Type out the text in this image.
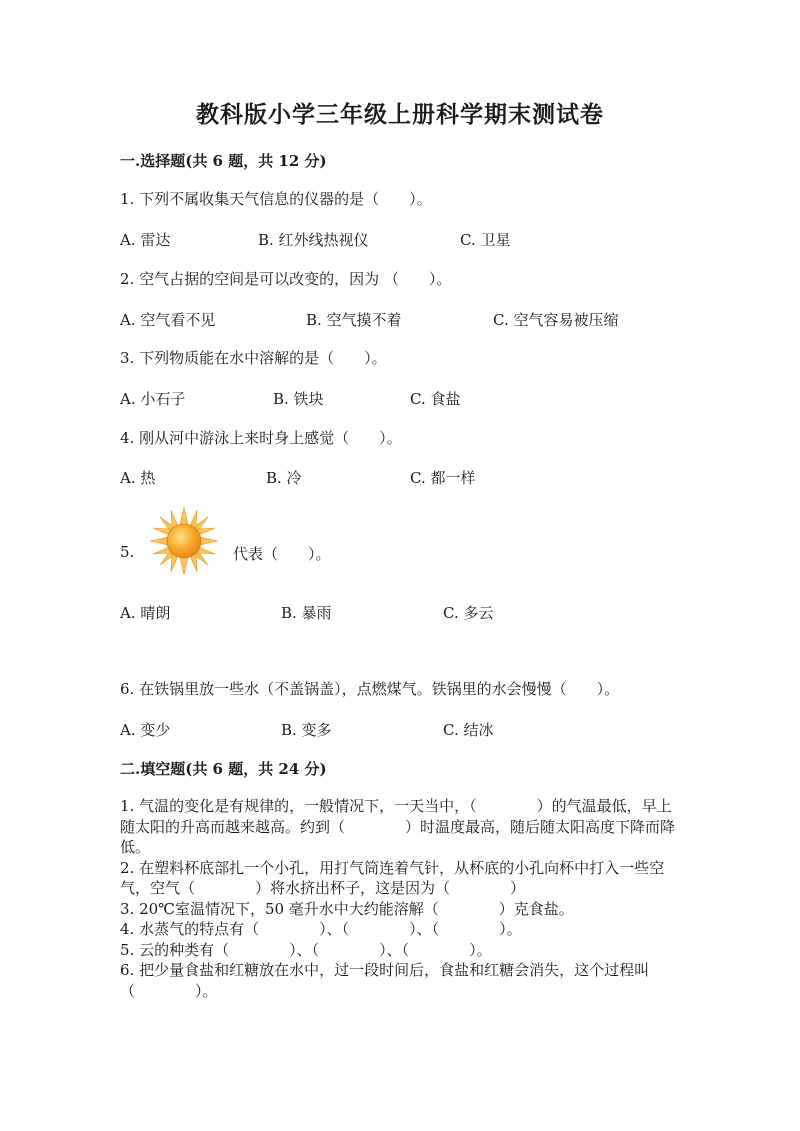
教科版小学三年级上册科学期末测试卷
一.选择题(共 6 题，共 12 分)
1. 下列不属收集天气信息的仪器的是（　　）。
A. 雷达	B. 红外线热视仪	C. 卫星
2. 空气占据的空间是可以改变的，因为 （　　）。
A. 空气看不见	B. 空气摸不着	C. 空气容易被压缩
3. 下列物质能在水中溶解的是（　　）。
A. 小石子	B. 铁块	C. 食盐
4. 刚从河中游泳上来时身上感觉（　　）。
A. 热	B. 冷	C. 都一样
5.	代表（　　）。
A. 晴朗	B. 暴雨	C. 多云
6. 在铁锅里放一些水（不盖锅盖），点燃煤气。铁锅里的水会慢慢（　　）。
A. 变少	B. 变多	C. 结冰
二.填空题(共 6 题，共 24 分)
1. 气温的变化是有规律的，一般情况下，一天当中，（　　　　）的气温最低，早上随太阳的升高而越来越高。约到（　　　　）时温度最高，随后随太阳高度下降而降低。
2. 在塑料杯底部扎一个小孔，用打气筒连着气针，从杯底的小孔向杯中打入一些空气，空气（　　　　）将水挤出杯子，这是因为（　　　　）
3. 20℃室温情况下，50 毫升水中大约能溶解（　　　　）克食盐。
4. 水蒸气的特点有（　　　　）、（　　　　）、（　　　　）。
5. 云的种类有（　　　　）、（　　　　）、（　　　　）。
6. 把少量食盐和红糖放在水中，过一段时间后，食盐和红糖会消失，这个过程叫（　　　　）。
